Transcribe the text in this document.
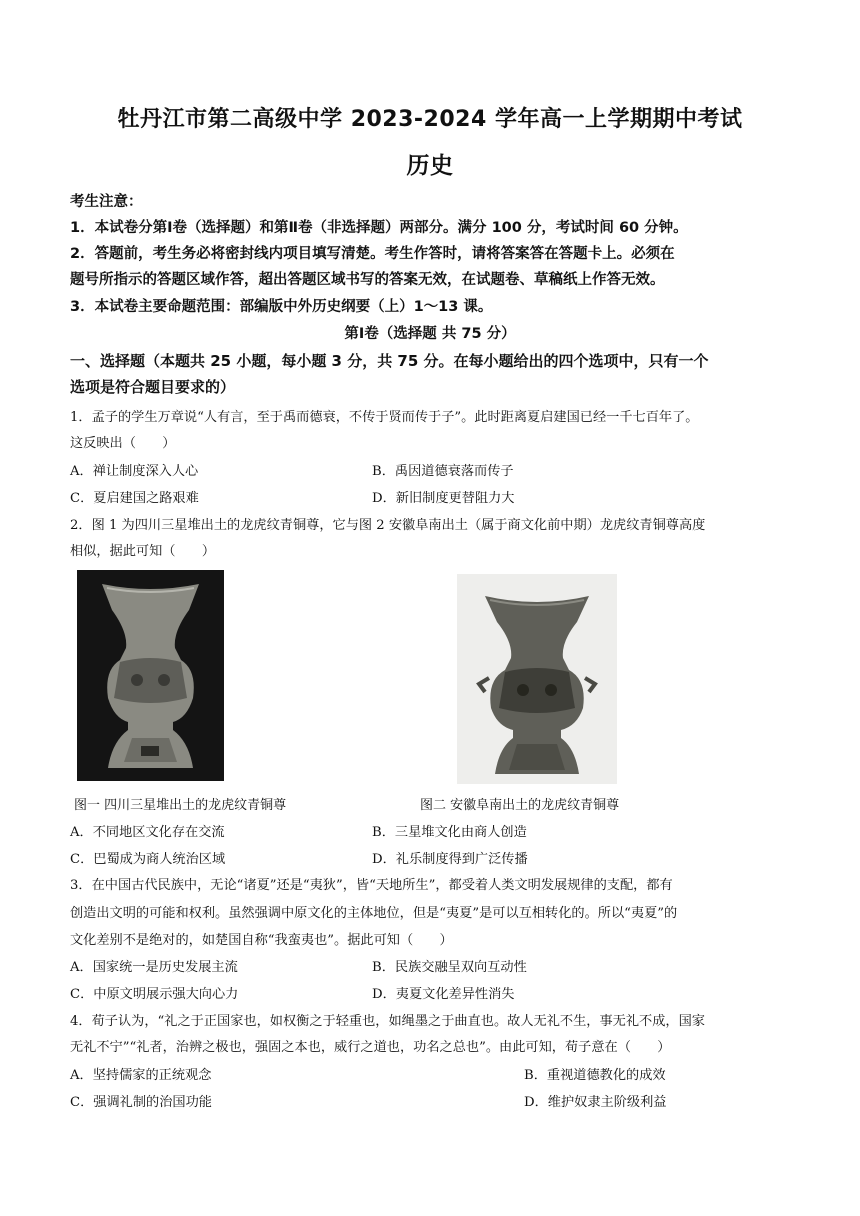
牡丹江市第二高级中学 2023-2024 学年高一上学期期中考试
历史
考生注意：
1．本试卷分第Ⅰ卷（选择题）和第Ⅱ卷（非选择题）两部分。满分 100 分，考试时间 60 分钟。
2．答题前，考生务必将密封线内项目填写清楚。考生作答时，请将答案答在答题卡上。必须在
题号所指示的答题区域作答，超出答题区域书写的答案无效，在试题卷、草稿纸上作答无效。
3．本试卷主要命题范围：部编版中外历史纲要（上）1～13 课。
第Ⅰ卷（选择题 共 75 分）
一、选择题（本题共 25 小题，每小题 3 分，共 75 分。在每小题给出的四个选项中，只有一个
选项是符合题目要求的）
1．孟子的学生万章说“人有言，至于禹而德衰，不传于贤而传于子”。此时距离夏启建国已经一千七百年了。
这反映出（　　）
A．禅让制度深入人心	B．禹因道德衰落而传子
C．夏启建国之路艰难	D．新旧制度更替阻力大
2．图 1 为四川三星堆出土的龙虎纹青铜尊，它与图 2 安徽阜南出土（属于商文化前中期）龙虎纹青铜尊高度
相似，据此可知（　　）
图一 四川三星堆出土的龙虎纹青铜尊	图二 安徽阜南出土的龙虎纹青铜尊
A．不同地区文化存在交流	B．三星堆文化由商人创造
C．巴蜀成为商人统治区域	D．礼乐制度得到广泛传播
3．在中国古代民族中，无论“诸夏”还是“夷狄”，皆“天地所生”，都受着人类文明发展规律的支配，都有
创造出文明的可能和权利。虽然强调中原文化的主体地位，但是“夷夏”是可以互相转化的。所以“夷夏”的
文化差别不是绝对的，如楚国自称“我蛮夷也”。据此可知（　　）
A．国家统一是历史发展主流	B．民族交融呈双向互动性
C．中原文明展示强大向心力	D．夷夏文化差异性消失
4．荀子认为，“礼之于正国家也，如权衡之于轻重也，如绳墨之于曲直也。故人无礼不生，事无礼不成，国家
无礼不宁”“礼者，治辨之极也，强固之本也，威行之道也，功名之总也”。由此可知，荀子意在（　　）
A．坚持儒家的正统观念	B．重视道德教化的成效
C．强调礼制的治国功能	D．维护奴隶主阶级利益
